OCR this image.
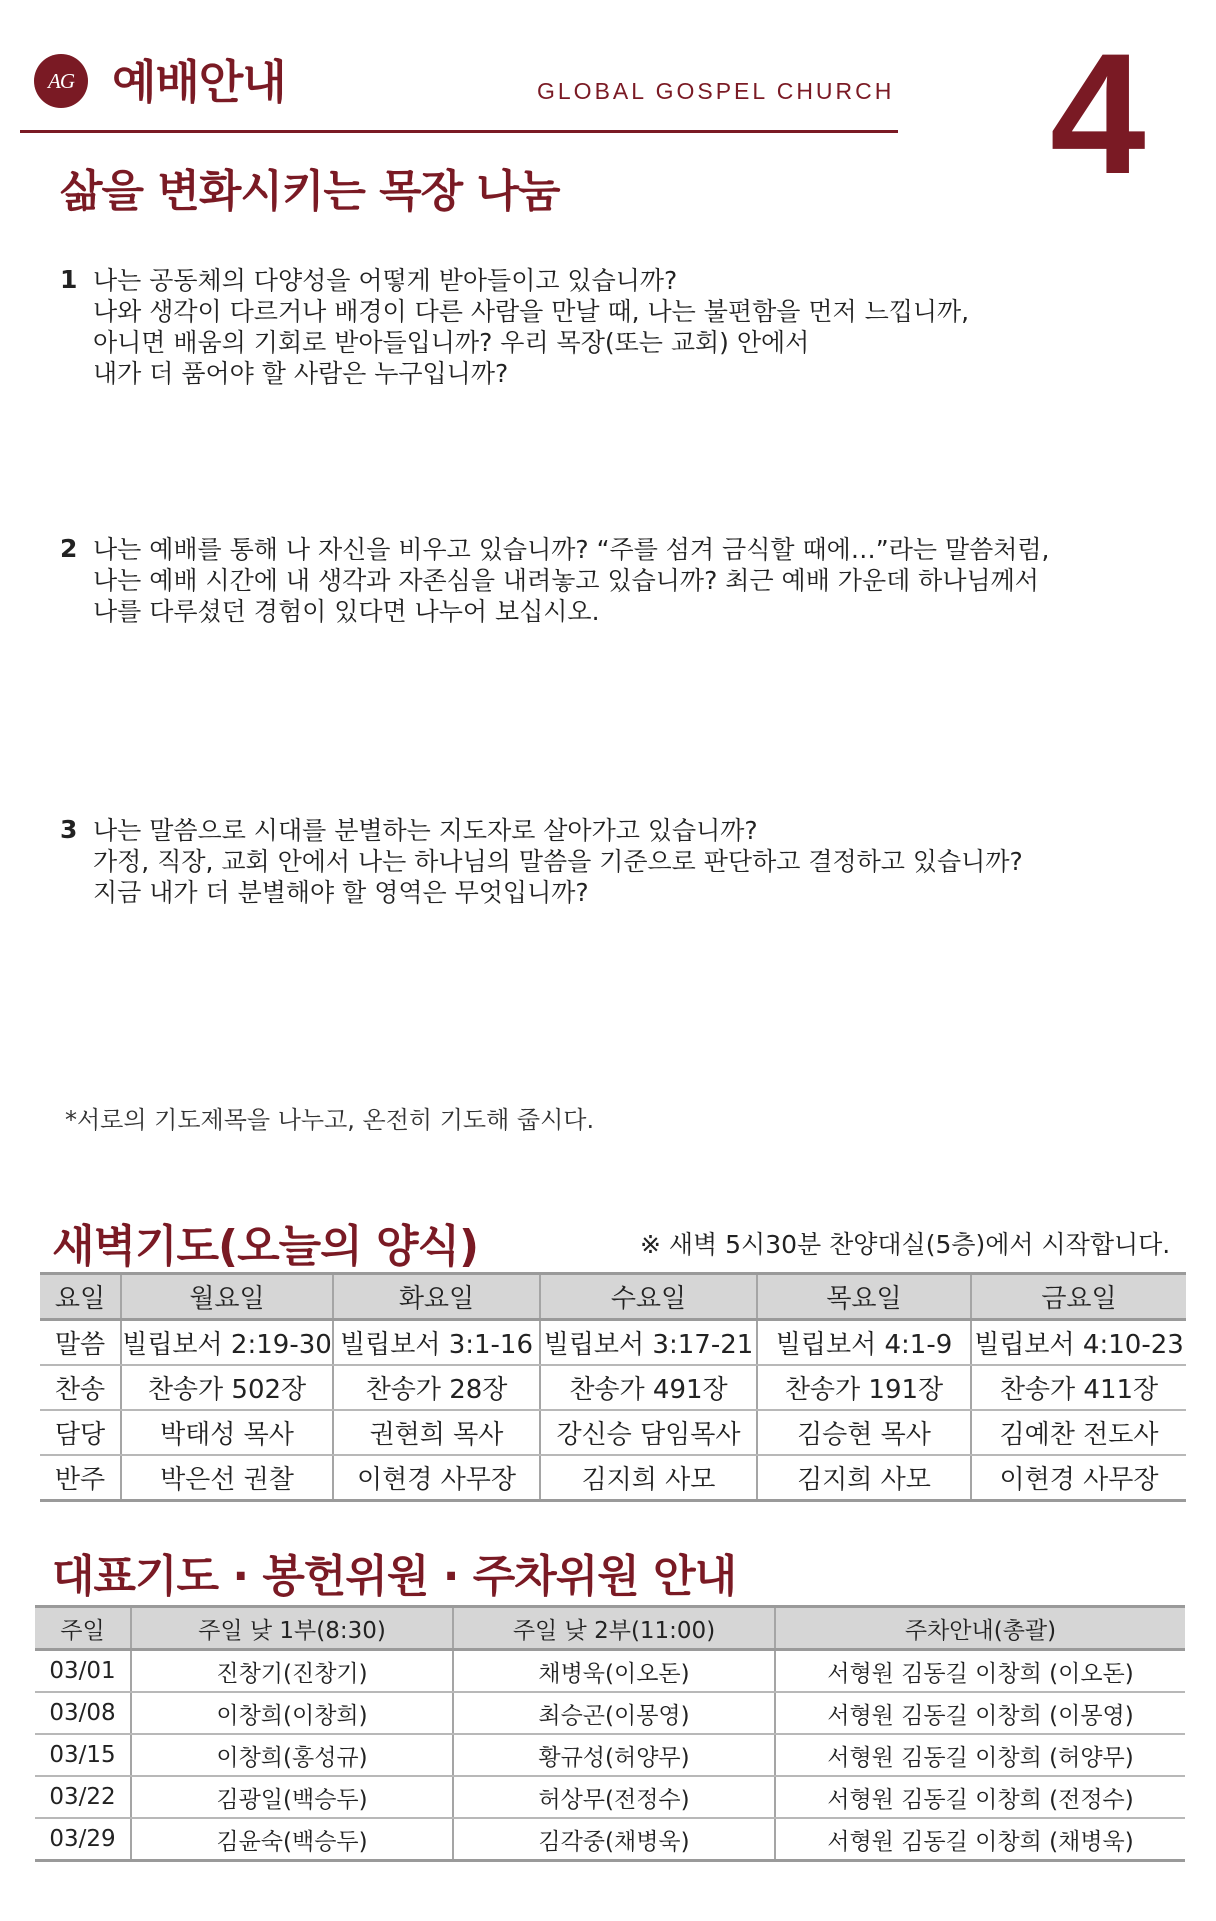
AG 예배안내	GLOBAL GOSPEL CHURCH 4
삶을 변화시키는 목장 나눔
1 나는 공동체의 다양성을 어떻게 받아들이고 있습니까?
나와 생각이 다르거나 배경이 다른 사람을 만날 때, 나는 불편함을 먼저 느낍니까,
아니면 배움의 기회로 받아들입니까? 우리 목장(또는 교회) 안에서
내가 더 품어야 할 사람은 누구입니까?
2 나는 예배를 통해 나 자신을 비우고 있습니까? “주를 섬겨 금식할 때에…”라는 말씀처럼,
나는 예배 시간에 내 생각과 자존심을 내려놓고 있습니까? 최근 예배 가운데 하나님께서
나를 다루셨던 경험이 있다면 나누어 보십시오.
3 나는 말씀으로 시대를 분별하는 지도자로 살아가고 있습니까?
가정, 직장, 교회 안에서 나는 하나님의 말씀을 기준으로 판단하고 결정하고 있습니까?
지금 내가 더 분별해야 할 영역은 무엇입니까?
*서로의 기도제목을 나누고, 온전히 기도해 줍시다.
새벽기도(오늘의 양식)	※ 새벽 5시30분 찬양대실(5층)에서 시작합니다.
요일	월요일	화요일	수요일	목요일	금요일
말씀	빌립보서 2:19-30	빌립보서 3:1-16	빌립보서 3:17-21	빌립보서 4:1-9	빌립보서 4:10-23
찬송	찬송가 502장	찬송가 28장	찬송가 491장	찬송가 191장	찬송가 411장
담당	박태성 목사	권현희 목사	강신승 담임목사	김승현 목사	김예찬 전도사
반주	박은선 권찰	이현경 사무장	김지희 사모	김지희 사모	이현경 사무장
대표기도 · 봉헌위원 · 주차위원 안내
주일	주일 낮 1부(8:30)	주일 낮 2부(11:00)	주차안내(총괄)
03/01	진창기(진창기)	채병욱(이오돈)	서형원 김동길 이창희 (이오돈)
03/08	이창희(이창희)	최승곤(이몽영)	서형원 김동길 이창희 (이몽영)
03/15	이창희(홍성규)	황규성(허양무)	서형원 김동길 이창희 (허양무)
03/22	김광일(백승두)	허상무(전정수)	서형원 김동길 이창희 (전정수)
03/29	김윤숙(백승두)	김각중(채병욱)	서형원 김동길 이창희 (채병욱)
